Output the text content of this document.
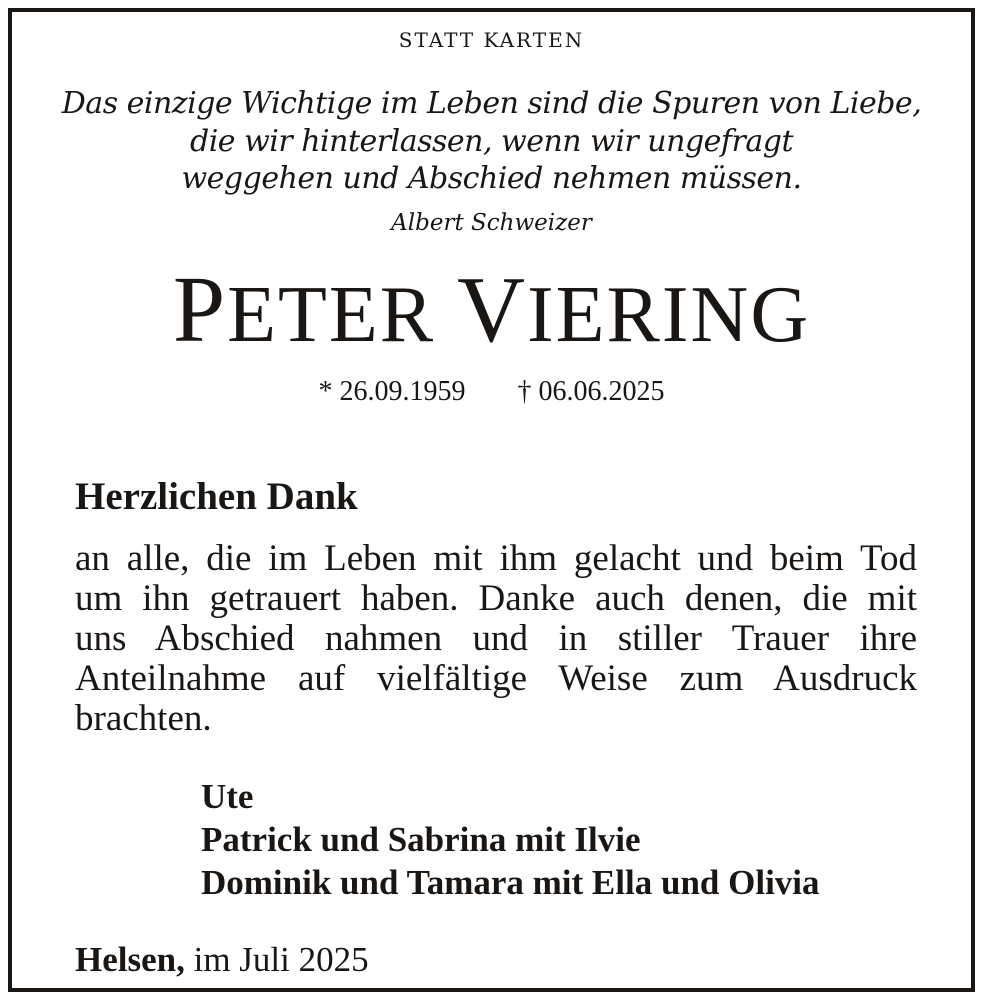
STATT KARTEN
Das einzige Wichtige im Leben sind die Spuren von Liebe,
die wir hinterlassen, wenn wir ungefragt
weggehen und Abschied nehmen müssen.
Albert Schweizer
PETER VIERING
* 26.09.1959 † 06.06.2025
Herzlichen Dank
an alle, die im Leben mit ihm gelacht und beim Tod
um ihn getrauert haben. Danke auch denen, die mit
uns Abschied nahmen und in stiller Trauer ihre
Anteilnahme auf vielfältige Weise zum Ausdruck
brachten.
Ute
Patrick und Sabrina mit Ilvie
Dominik und Tamara mit Ella und Olivia
Helsen, im Juli 2025
